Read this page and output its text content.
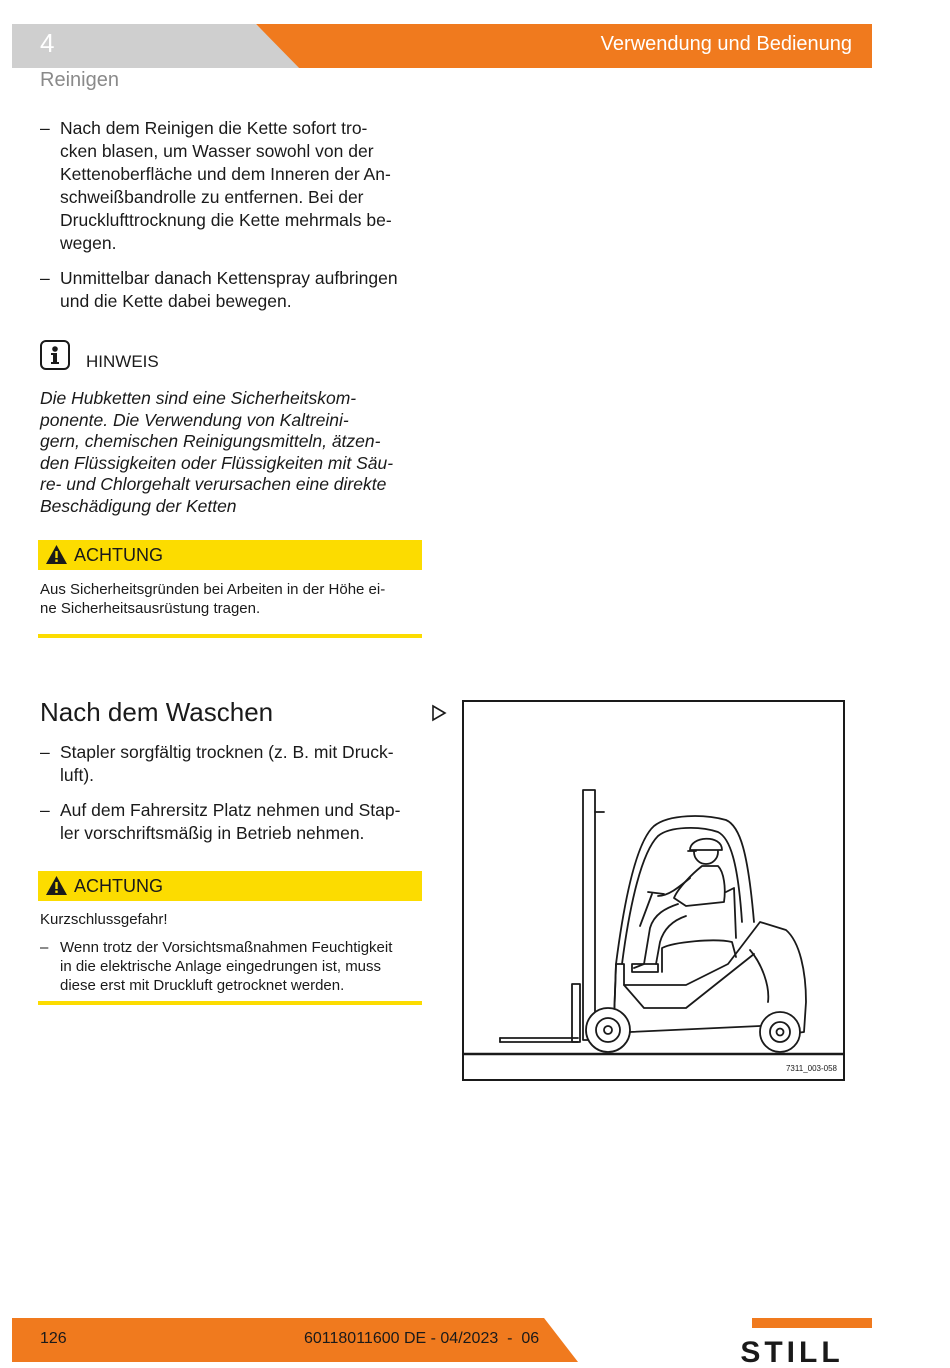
4	Verwendung und Bedienung
Reinigen
– Nach dem Reinigen die Kette sofort tro-
cken blasen, um Wasser sowohl von der
Kettenoberfläche und dem Inneren der An-
schweißbandrolle zu entfernen. Bei der
Drucklufttrocknung die Kette mehrmals be-
wegen.
– Unmittelbar danach Kettenspray aufbringen
und die Kette dabei bewegen.
HINWEIS
Die Hubketten sind eine Sicherheitskom-
ponente. Die Verwendung von Kaltreini-
gern, chemischen Reinigungsmitteln, ätzen-
den Flüssigkeiten oder Flüssigkeiten mit Säu-
re- und Chlorgehalt verursachen eine direkte
Beschädigung der Ketten
ACHTUNG
Aus Sicherheitsgründen bei Arbeiten in der Höhe ei-
ne Sicherheitsausrüstung tragen.
Nach dem Waschen
– Stapler sorgfältig trocknen (z. B. mit Druck-
luft).
– Auf dem Fahrersitz Platz nehmen und Stap-
ler vorschriftsmäßig in Betrieb nehmen.
ACHTUNG
Kurzschlussgefahr!
– Wenn trotz der Vorsichtsmaßnahmen Feuchtigkeit
in die elektrische Anlage eingedrungen ist, muss
diese erst mit Druckluft getrocknet werden.
7311_003-058
126	60118011600 DE - 04/2023  -  06	STILL
